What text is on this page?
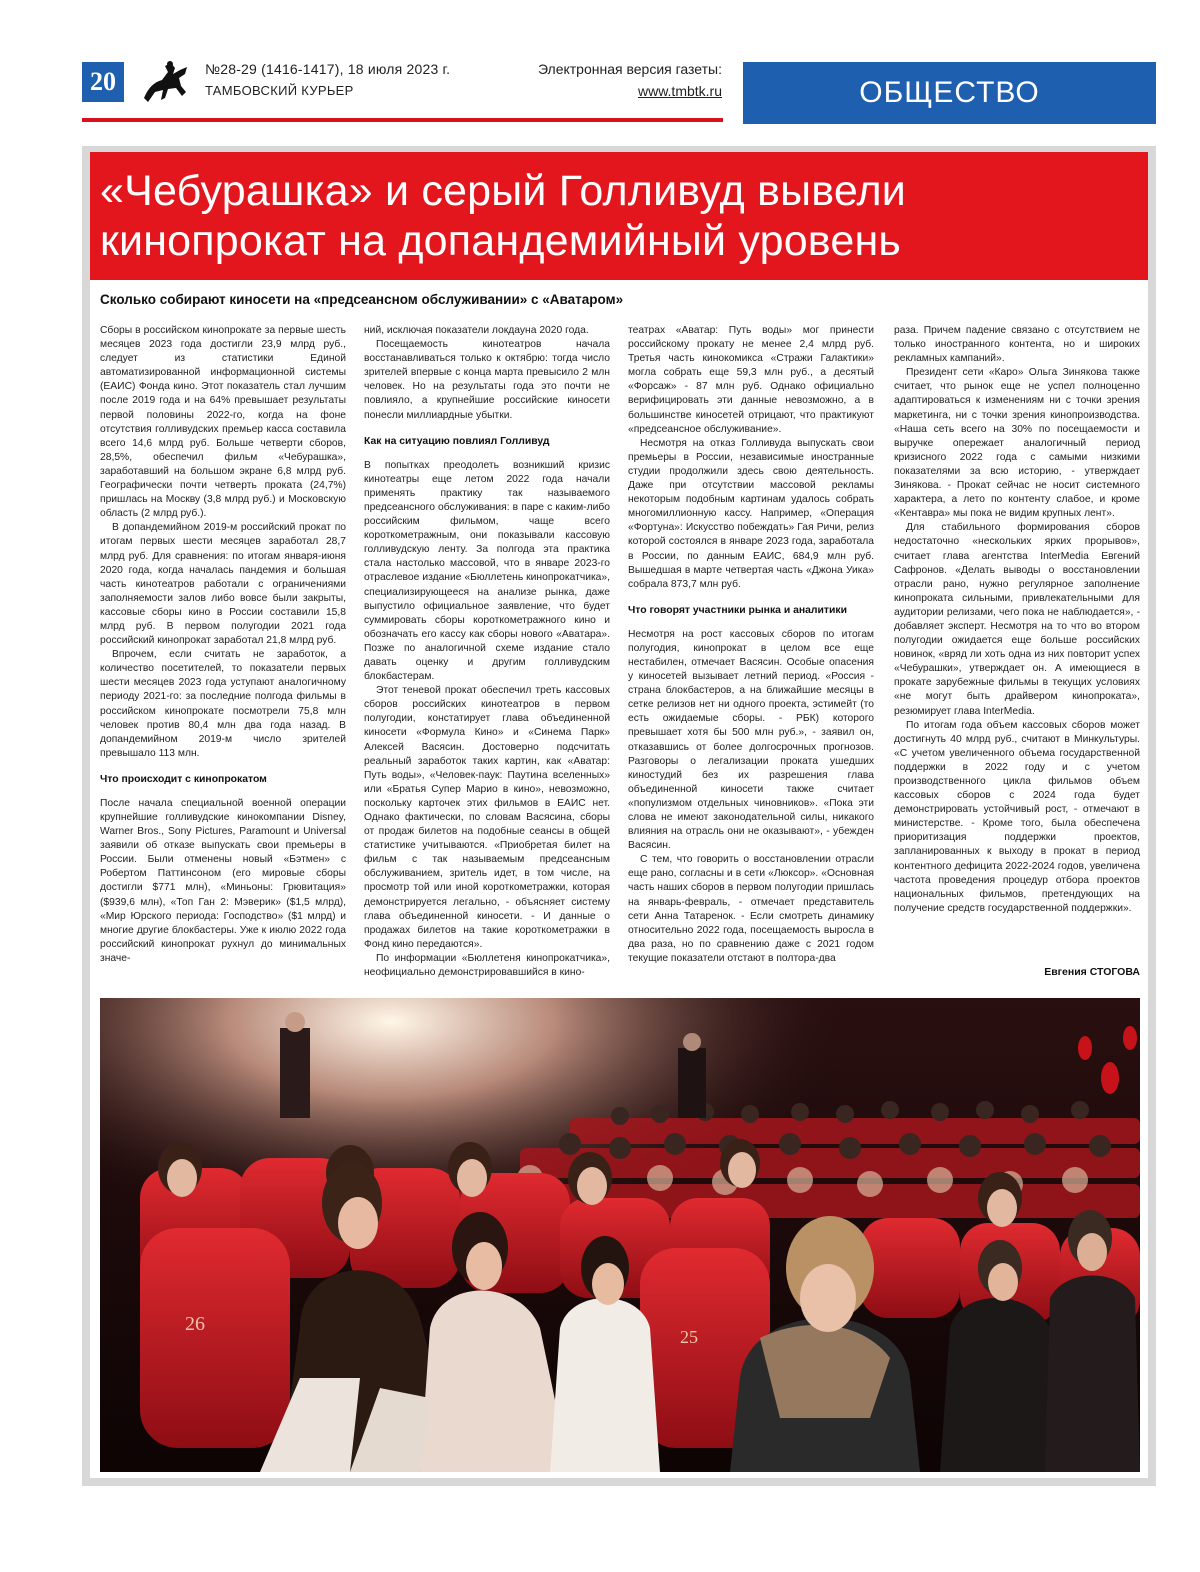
20	№28-29 (1416-1417), 18 июля 2023 г.
ТАМБОВСКИЙ КУРЬЕР
Электронная версия газеты:
www.tmbtk.ru	ОБЩЕСТВО
«Чебурашка» и серый Голливуд вывели кинопрокат на допандемийный уровень
Сколько собирают киносети на «предсеансном обслуживании» с «Аватаром»

Сборы в российском кинопрокате за первые шесть месяцев 2023 года достигли 23,9 млрд руб., следует из статистики Единой автоматизированной информационной системы (ЕАИС) Фонда кино. Этот показатель стал лучшим после 2019 года и на 64% превышает результаты первой половины 2022-го, когда на фоне отсутствия голливудских премьер касса составила всего 14,6 млрд руб. Больше четверти сборов, 28,5%, обеспечил фильм «Чебурашка», заработавший на большом экране 6,8 млрд руб. Географически почти четверть проката (24,7%) пришлась на Москву (3,8 млрд руб.) и Московскую область (2 млрд руб.).

В допандемийном 2019-м российский прокат по итогам первых шести месяцев заработал 28,7 млрд руб. Для сравнения: по итогам января-июня 2020 года, когда началась пандемия и большая часть кинотеатров работали с ограничениями заполняемости залов либо вовсе были закрыты, кассовые сборы кино в России составили 15,8 млрд руб. В первом полугодии 2021 года российский кинопрокат заработал 21,8 млрд руб.

Впрочем, если считать не заработок, а количество посетителей, то показатели первых шести месяцев 2023 года уступают аналогичному периоду 2021-го: за последние полгода фильмы в российском кинопрокате посмотрели 75,8 млн человек против 80,4 млн два года назад. В допандемийном 2019-м число зрителей превышало 113 млн.

Что происходит с кинопрокатом

После начала специальной военной операции крупнейшие голливудские кинокомпании Disney, Warner Bros., Sony Pictures, Paramount и Universal заявили об отказе выпускать свои премьеры в России. Были отменены новый «Бэтмен» с Робертом Паттинсоном (его мировые сборы достигли $771 млн), «Миньоны: Грювитация» ($939,6 млн), «Топ Ган 2: Мэверик» ($1,5 млрд), «Мир Юрского периода: Господство» ($1 млрд) и многие другие блокбастеры. Уже к июлю 2022 года российский кинопрокат рухнул до минимальных значе-

ний, исключая показатели локдауна 2020 года.

Посещаемость кинотеатров начала восстанавливаться только к октябрю: тогда число зрителей впервые с конца марта превысило 2 млн человек. Но на результаты года это почти не повлияло, а крупнейшие российские киносети понесли миллиардные убытки.

Как на ситуацию повлиял Голливуд

В попытках преодолеть возникший кризис кинотеатры еще летом 2022 года начали применять практику так называемого предсеансного обслуживания: в паре с каким-либо российским фильмом, чаще всего короткометражным, они показывали кассовую голливудскую ленту. За полгода эта практика стала настолько массовой, что в январе 2023-го отраслевое издание «Бюллетень кинопрокатчика», специализирующееся на анализе рынка, даже выпустило официальное заявление, что будет суммировать сборы короткометражного кино и обозначать его кассу как сборы нового «Аватара». Позже по аналогичной схеме издание стало давать оценку и другим голливудским блокбастерам.

Этот теневой прокат обеспечил треть кассовых сборов российских кинотеатров в первом полугодии, констатирует глава объединенной киносети «Формула Кино» и «Синема Парк» Алексей Васясин. Достоверно подсчитать реальный заработок таких картин, как «Аватар: Путь воды», «Человек-паук: Паутина вселенных» или «Братья Супер Марио в кино», невозможно, поскольку карточек этих фильмов в ЕАИС нет. Однако фактически, по словам Васясина, сборы от продаж билетов на подобные сеансы в общей статистике учитываются. «Приобретая билет на фильм с так называемым предсеансным обслуживанием, зритель идет, в том числе, на просмотр той или иной короткометражки, которая демонстрируется легально, - объясняет систему глава объединенной киносети. - И данные о продажах билетов на такие короткометражки в Фонд кино передаются».

По информации «Бюллетеня кинопрокатчика», неофициально демонстрировавшийся в кино-

театрах «Аватар: Путь воды» мог принести российскому прокату не менее 2,4 млрд руб. Третья часть кинокомикса «Стражи Галактики» могла собрать еще 59,3 млн руб., а десятый «Форсаж» - 87 млн руб. Однако официально верифицировать эти данные невозможно, а в большинстве киносетей отрицают, что практикуют «предсеансное обслуживание».

Несмотря на отказ Голливуда выпускать свои премьеры в России, независимые иностранные студии продолжили здесь свою деятельность. Даже при отсутствии массовой рекламы некоторым подобным картинам удалось собрать многомиллионную кассу. Например, «Операция «Фортуна»: Искусство побеждать» Гая Ричи, релиз которой состоялся в январе 2023 года, заработала в России, по данным ЕАИС, 684,9 млн руб. Вышедшая в марте четвертая часть «Джона Уика» собрала 873,7 млн руб.

Что говорят участники рынка и аналитики

Несмотря на рост кассовых сборов по итогам полугодия, кинопрокат в целом все еще нестабилен, отмечает Васясин. Особые опасения у киносетей вызывает летний период. «Россия - страна блокбастеров, а на ближайшие месяцы в сетке релизов нет ни одного проекта, эстимейт (то есть ожидаемые сборы. - РБК) которого превышает хотя бы 500 млн руб.», - заявил он, отказавшись от более долгосрочных прогнозов. Разговоры о легализации проката ушедших киностудий без их разрешения глава объединенной киносети также считает «популизмом отдельных чиновников». «Пока эти слова не имеют законодательной силы, никакого влияния на отрасль они не оказывают», - убежден Васясин.

С тем, что говорить о восстановлении отрасли еще рано, согласны и в сети «Люксор». «Основная часть наших сборов в первом полугодии пришлась на январь-февраль, - отмечает представитель сети Анна Татаренок. - Если смотреть динамику относительно 2022 года, посещаемость выросла в два раза, но по сравнению даже с 2021 годом текущие показатели отстают в полтора-два

раза. Причем падение связано с отсутствием не только иностранного контента, но и широких рекламных кампаний».

Президент сети «Каро» Ольга Зинякова также считает, что рынок еще не успел полноценно адаптироваться к изменениям ни с точки зрения маркетинга, ни с точки зрения кинопроизводства. «Наша сеть всего на 30% по посещаемости и выручке опережает аналогичный период кризисного 2022 года с самыми низкими показателями за всю историю, - утверждает Зинякова. - Прокат сейчас не носит системного характера, а лето по контенту слабое, и кроме «Кентавра» мы пока не видим крупных лент».

Для стабильного формирования сборов недостаточно «нескольких ярких прорывов», считает глава агентства InterMedia Евгений Сафронов. «Делать выводы о восстановлении отрасли рано, нужно регулярное заполнение кинопроката сильными, привлекательными для аудитории релизами, чего пока не наблюдается», - добавляет эксперт. Несмотря на то что во втором полугодии ожидается еще больше российских новинок, «вряд ли хоть одна из них повторит успех «Чебурашки», утверждает он. А имеющиеся в прокате зарубежные фильмы в текущих условиях «не могут быть драйвером кинопроката», резюмирует глава InterMedia.

По итогам года объем кассовых сборов может достигнуть 40 млрд руб., считают в Минкультуры. «С учетом увеличенного объема государственной поддержки в 2022 году и с учетом производственного цикла фильмов объем кассовых сборов с 2024 года будет демонстрировать устойчивый рост, - отмечают в министерстве. - Кроме того, была обеспечена приоритизация поддержки проектов, запланированных к выходу в прокат в период контентного дефицита 2022-2024 годов, увеличена частота проведения процедур отбора проектов национальных фильмов, претендующих на получение средств государственной поддержки».

Евгения СТОГОВА
26
25
